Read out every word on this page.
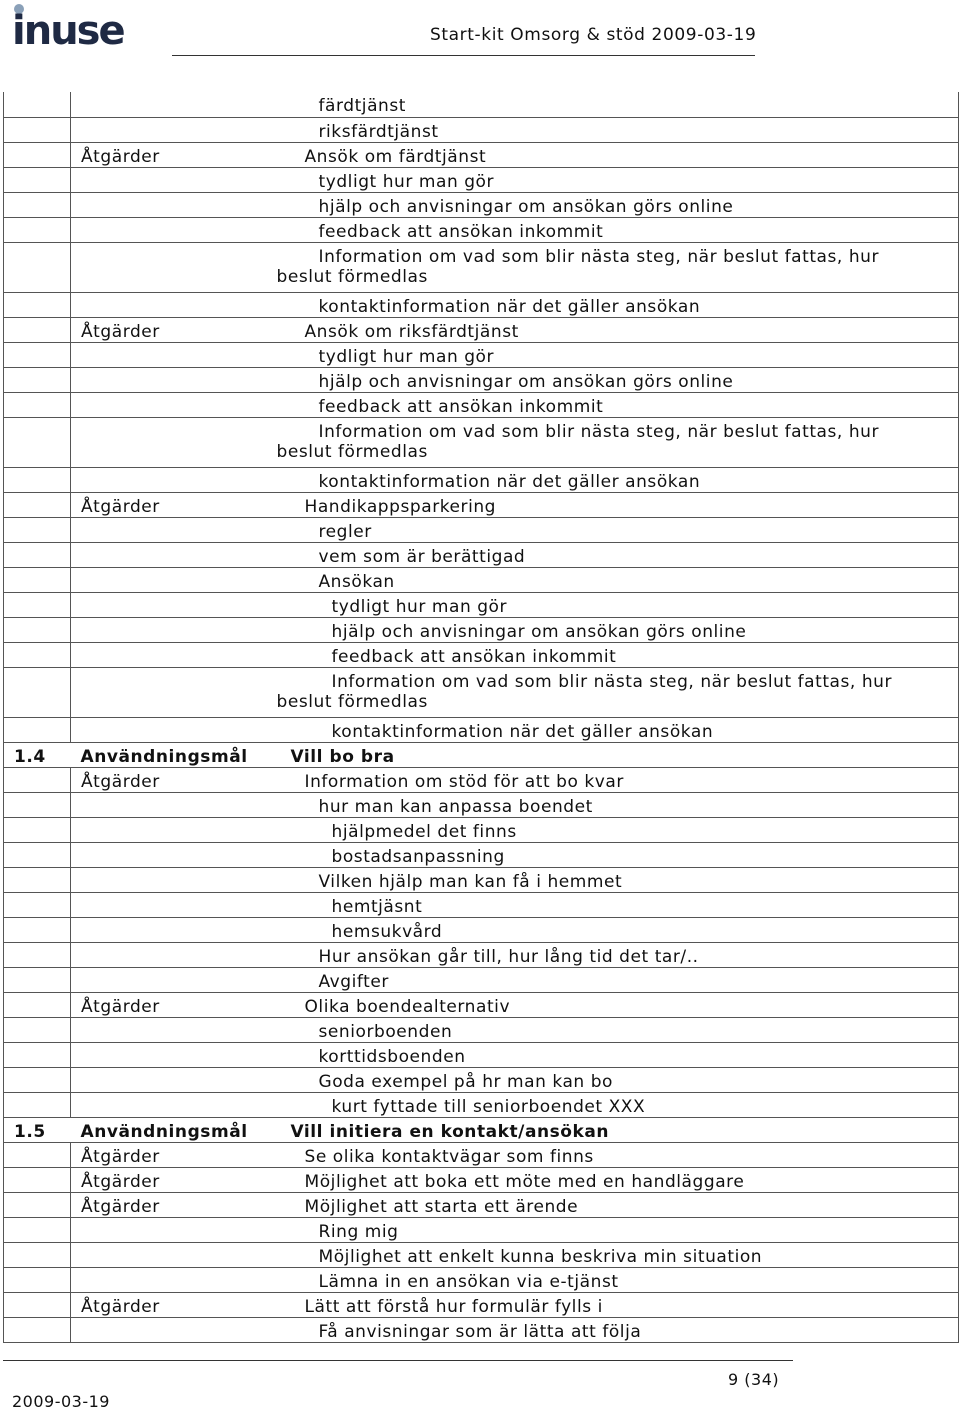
inuse	Start-kit Omsorg & stöd 2009-03-19

		färdtjänst

		riksfärdtjänst

	Åtgärder	Ansök om färdtjänst

		tydligt hur man gör

		hjälp och anvisningar om ansökan görs online

		feedback att ansökan inkommit

		Information om vad som blir nästa steg, när beslut fattas, hur
beslut förmedlas

		kontaktinformation när det gäller ansökan

	Åtgärder	Ansök om riksfärdtjänst

		tydligt hur man gör

		hjälp och anvisningar om ansökan görs online

		feedback att ansökan inkommit

		Information om vad som blir nästa steg, när beslut fattas, hur
beslut förmedlas

		kontaktinformation när det gäller ansökan

	Åtgärder	Handikappsparkering

		regler

		vem som är berättigad

		Ansökan

		tydligt hur man gör

		hjälp och anvisningar om ansökan görs online

		feedback att ansökan inkommit

		Information om vad som blir nästa steg, när beslut fattas, hur
beslut förmedlas

		kontaktinformation när det gäller ansökan

1.4	Användningsmål	Vill bo bra

	Åtgärder	Information om stöd för att bo kvar

		hur man kan anpassa boendet

		hjälpmedel det finns

		bostadsanpassning

		Vilken hjälp man kan få i hemmet

		hemtjäsnt

		hemsukvård

		Hur ansökan går till, hur lång tid det tar/..

		Avgifter

	Åtgärder	Olika boendealternativ

		seniorboenden

		korttidsboenden

		Goda exempel på hr man kan bo

		kurt fyttade till seniorboendet XXX

1.5	Användningsmål	Vill initiera en kontakt/ansökan

	Åtgärder	Se olika kontaktvägar som finns

	Åtgärder	Möjlighet att boka ett möte med en handläggare

	Åtgärder	Möjlighet att starta ett ärende

		Ring mig

		Möjlighet att enkelt kunna beskriva min situation

		Lämna in en ansökan via e-tjänst

	Åtgärder	Lätt att förstå hur formulär fylls i

		Få anvisningar som är lätta att följa
9 (34)
2009-03-19
